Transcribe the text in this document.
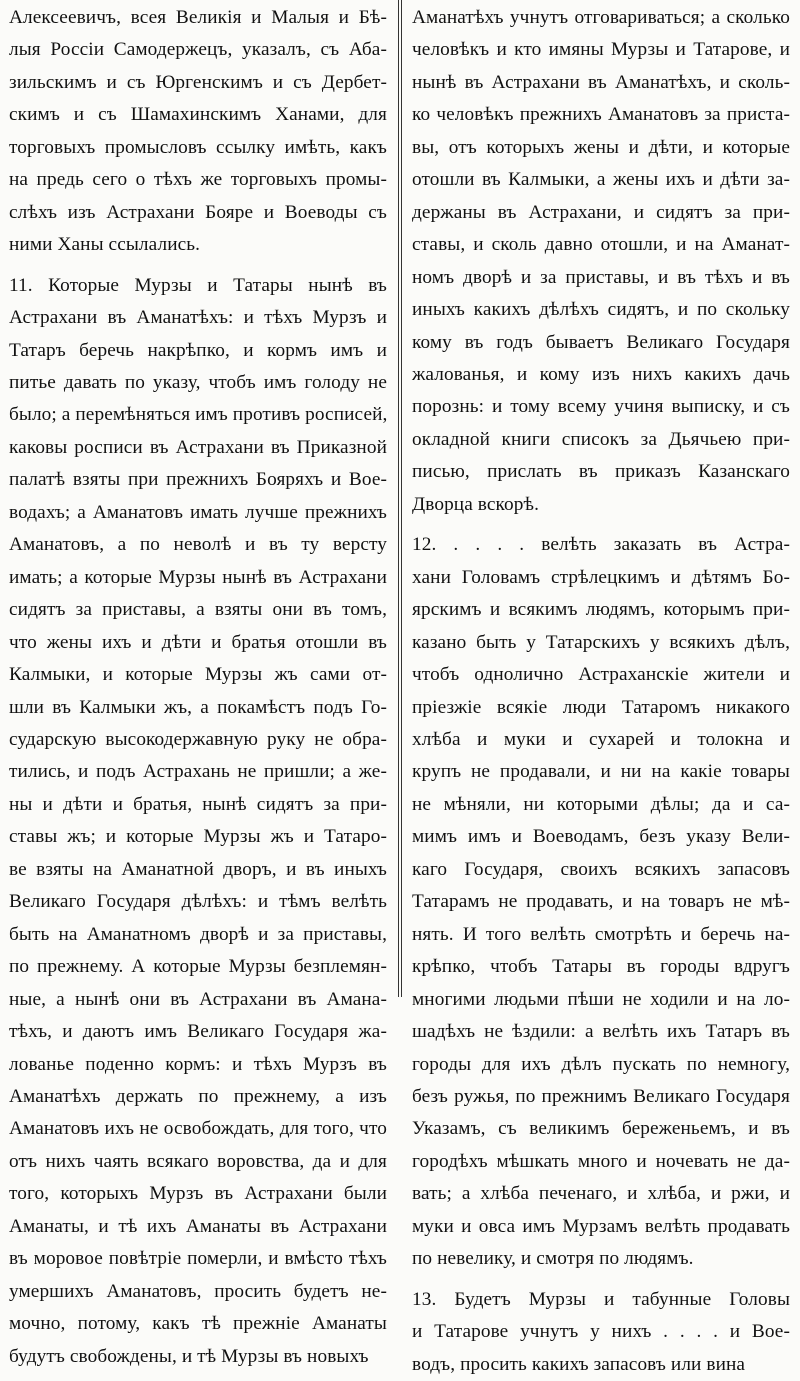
Алексеевичъ, всея Великія и Малыя и Бѣ-
лыя Россіи Самодержецъ, указалъ, съ Аба-
зильскимъ и съ Юргенскимъ и съ Дербет-
скимъ и съ Шамахинскимъ Ханами, для
торговыхъ промысловъ ссылку имѣть, какъ
на предь сего о тѣхъ же торговыхъ промы-
слѣхъ изъ Астрахани Бояре и Воеводы съ
ними Ханы ссылались.

11. Которые Мурзы и Татары нынѣ въ
Астрахани въ Аманатѣхъ: и тѣхъ Мурзъ и
Татаръ беречь накрѣпко, и кормъ имъ и
питье давать по указу, чтобъ имъ голоду не
было; а перемѣняться имъ противъ росписей,
каковы росписи въ Астрахани въ Приказной
палатѣ взяты при прежнихъ Бояряхъ и Вое-
водахъ; а Аманатовъ имать лучше прежнихъ
Аманатовъ, а по неволѣ и въ ту версту
имать; а которые Мурзы нынѣ въ Астрахани
сидятъ за приставы, а взяты они въ томъ,
что жены ихъ и дѣти и братья отошли въ
Калмыки, и которые Мурзы жъ сами от-
шли въ Калмыки жъ, а покамѣстъ подъ Го-
сударскую высокодержавную руку не обра-
тились, и подъ Астрахань не пришли; а же-
ны и дѣти и братья, нынѣ сидятъ за при-
ставы жъ; и которые Мурзы жъ и Татаро-
ве взяты на Аманатной дворъ, и въ иныхъ
Великаго Государя дѣлѣхъ: и тѣмъ велѣть
быть на Аманатномъ дворѣ и за приставы,
по прежнему. А которые Мурзы безплемян-
ные, а нынѣ они въ Астрахани въ Амана-
тѣхъ, и даютъ имъ Великаго Государя жа-
лованье поденно кормъ: и тѣхъ Мурзъ въ
Аманатѣхъ держать по прежнему, а изъ
Аманатовъ ихъ не освобождать, для того, что
отъ нихъ чаять всякаго воровства, да и для
того, которыхъ Мурзъ въ Астрахани были
Аманаты, и тѣ ихъ Аманаты въ Астрахани
въ моровое повѣтріе померли, и вмѣсто тѣхъ
умершихъ Аманатовъ, просить будетъ не-
мочно, потому, какъ тѣ прежніе Аманаты
будутъ свобождены, и тѣ Мурзы въ новыхъ

Аманатѣхъ учнутъ отговариваться; а сколько
человѣкъ и кто имяны Мурзы и Татарове, и
нынѣ въ Астрахани въ Аманатѣхъ, и сколь-
ко человѣкъ прежнихъ Аманатовъ за приста-
вы, отъ которыхъ жены и дѣти, и которые
отошли въ Калмыки, а жены ихъ и дѣти за-
держаны въ Астрахани, и сидятъ за при-
ставы, и сколь давно отошли, и на Аманат-
номъ дворѣ и за приставы, и въ тѣхъ и въ
иныхъ какихъ дѣлѣхъ сидятъ, и по скольку
кому въ годъ бываетъ Великаго Государя
жалованья, и кому изъ нихъ какихъ дачь
порознь: и тому всему учиня выписку, и съ
окладной книги списокъ за Дьячьею при-
писью, прислать въ приказъ Казанскаго
Дворца вскорѣ.

12. . . . . велѣть заказать въ Астра-
хани Головамъ стрѣлецкимъ и дѣтямъ Бо-
ярскимъ и всякимъ людямъ, которымъ при-
казано быть у Татарскихъ у всякихъ дѣлъ,
чтобъ однолично Астраханскіе жители и
пріезжіе всякіе люди Татаромъ никакого
хлѣба и муки и сухарей и толокна и
крупъ не продавали, и ни на какіе товары
не мѣняли, ни которыми дѣлы; да и са-
мимъ имъ и Воеводамъ, безъ указу Вели-
каго Государя, своихъ всякихъ запасовъ
Татарамъ не продавать, и на товаръ не мѣ-
нять. И того велѣть смотрѣть и беречь на-
крѣпко, чтобъ Татары въ городы вдругъ
многими людьми пѣши не ходили и на ло-
шадѣхъ не ѣздили: а велѣть ихъ Татаръ въ
городы для ихъ дѣлъ пускать по немногу,
безъ ружья, по прежнимъ Великаго Государя
Указамъ, съ великимъ береженьемъ, и въ
городѣхъ мѣшкать много и ночевать не да-
вать; а хлѣба печенаго, и хлѣба, и ржи, и
муки и овса имъ Мурзамъ велѣть продавать
по невелику, и смотря по людямъ.

13. Будетъ Мурзы и табунные Головы
и Татарове учнутъ у нихъ . . . . и Вое-
водъ, просить какихъ запасовъ или вина
